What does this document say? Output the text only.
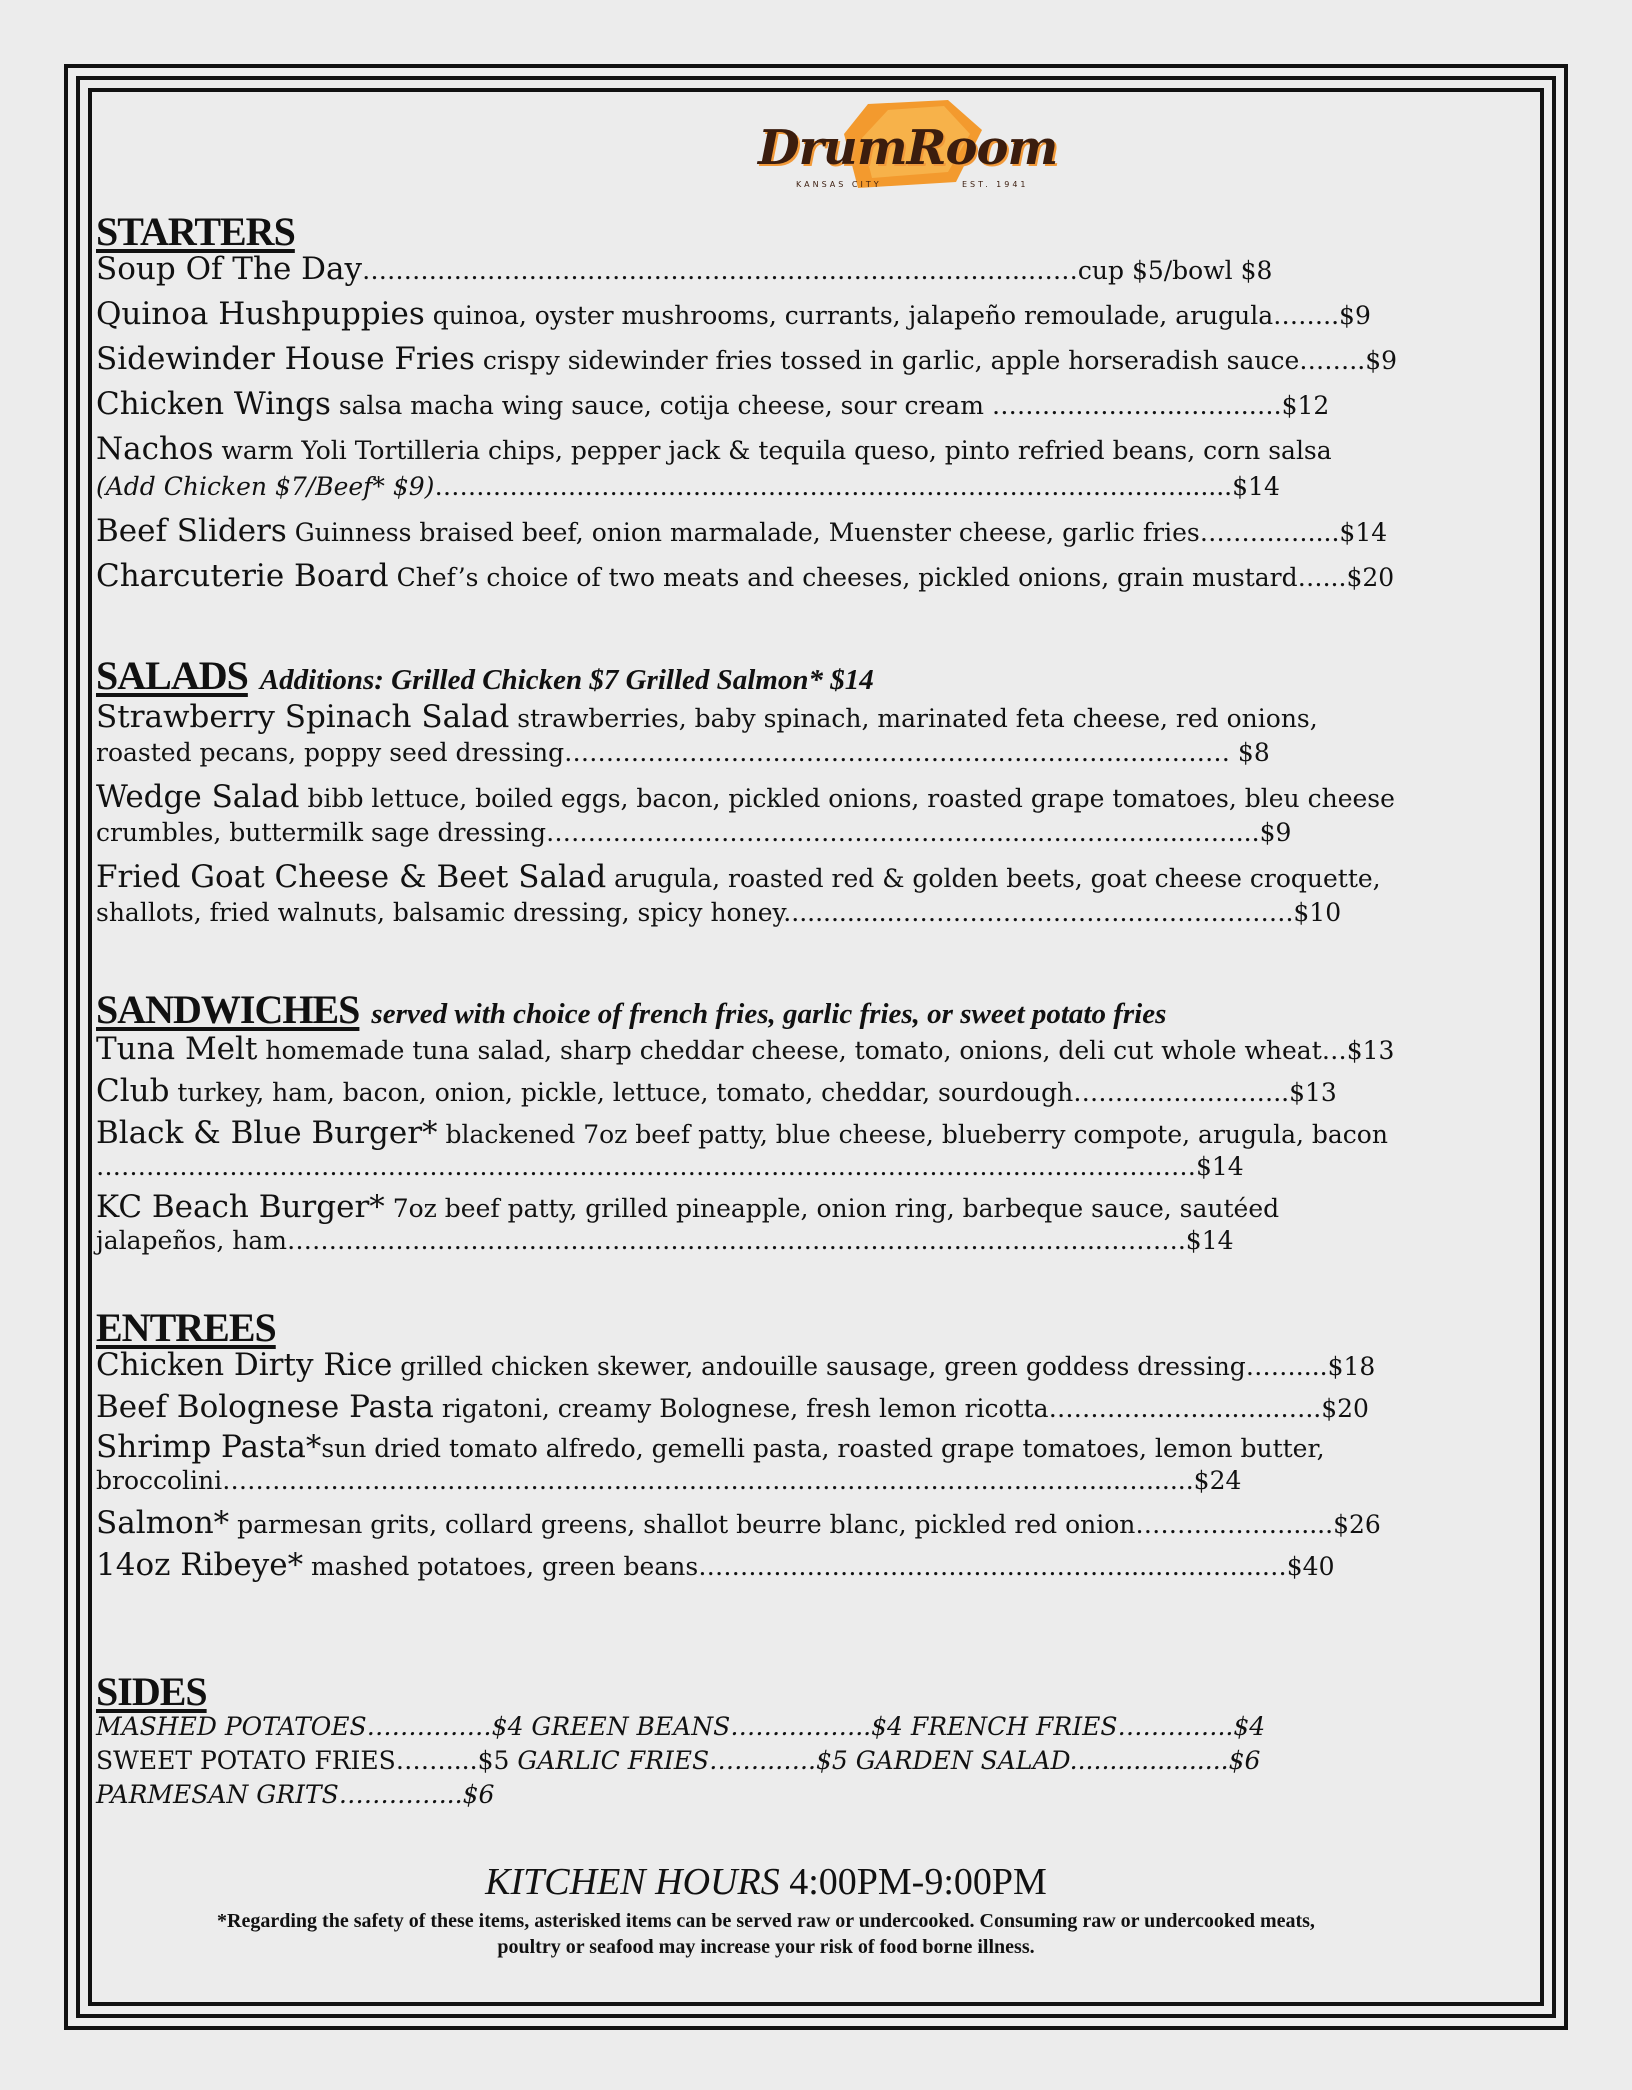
DrumRoom
KANSAS CITY	EST. 1941
STARTERS
Soup Of The Day……………………………………………………………………..……cup $5/bowl $8
Quinoa Hushpuppies quinoa, oyster mushrooms, currants, jalapeño remoulade, arugula……..$9
Sidewinder House Fries crispy sidewinder fries tossed in garlic, apple horseradish sauce……..$9
Chicken Wings salsa macha wing sauce, cotija cheese, sour cream …………………..……..….$12
Nachos warm Yoli Tortilleria chips, pepper jack & tequila queso, pinto refried beans, corn salsa
(Add Chicken $7/Beef* $9)………………………………………………………………………………......$14
Beef Sliders Guinness braised beef, onion marmalade, Muenster cheese, garlic fries……….…....$14
Charcuterie Board Chef’s choice of two meats and cheeses, pickled onions, grain mustard…...$20
SALADS Additions: Grilled Chicken $7 Grilled Salmon* $14
Strawberry Spinach Salad strawberries, baby spinach, marinated feta cheese, red onions,
roasted pecans, poppy seed dressing…………………………………………………………..………… $8
Wedge Salad bibb lettuce, boiled eggs, bacon, pickled onions, roasted grape tomatoes, bleu cheese
crumbles, buttermilk sage dressing………………………………………………..………………...……...$9
Fried Goat Cheese & Beet Salad arugula, roasted red & golden beets, goat cheese croquette,
shallots, fried walnuts, balsamic dressing, spicy honey..............………………………..……………….$10
SANDWICHES served with choice of french fries, garlic fries, or sweet potato fries
Tuna Melt homemade tuna salad, sharp cheddar cheese, tomato, onions, deli cut whole wheat…$13
Club turkey, ham, bacon, onion, pickle, lettuce, tomato, cheddar, sourdough……………………..$13
Black & Blue Burger* blackened 7oz beef patty, blue cheese, blueberry compote, arugula, bacon
……………………………………………………………………………………………………………………$14
KC Beach Burger* 7oz beef patty, grilled pineapple, onion ring, barbeque sauce, sautéed
jalapeños, ham……………………………………………………………………………………..……….$14
ENTREES
Chicken Dirty Rice grilled chicken skewer, andouille sausage, green goddess dressing……....$18
Beef Bolognese Pasta rigatoni, creamy Bolognese, fresh lemon ricotta…………………..…..…..$20
Shrimp Pasta*sun dried tomato alfredo, gemelli pasta, roasted grape tomatoes, lemon butter,
broccolini……………………………………………………………………………………………...…......$24
Salmon* parmesan grits, collard greens, shallot beurre blanc, pickled red onion………………......$26
14oz Ribeye* mashed potatoes, green beans……………………………………………....….……...…$40
SIDES
MASHED POTATOES……………$4 GREEN BEANS……………..$4 FRENCH FRIES…………..$4
SWEET POTATO FRIES……....$5 GARLIC FRIES……..…..$5 GARDEN SALAD....................$6
PARMESAN GRITS…………...$6
KITCHEN HOURS 4:00PM-9:00PM
*Regarding the safety of these items, asterisked items can be served raw or undercooked. Consuming raw or undercooked meats, poultry or seafood may increase your risk of food borne illness.
